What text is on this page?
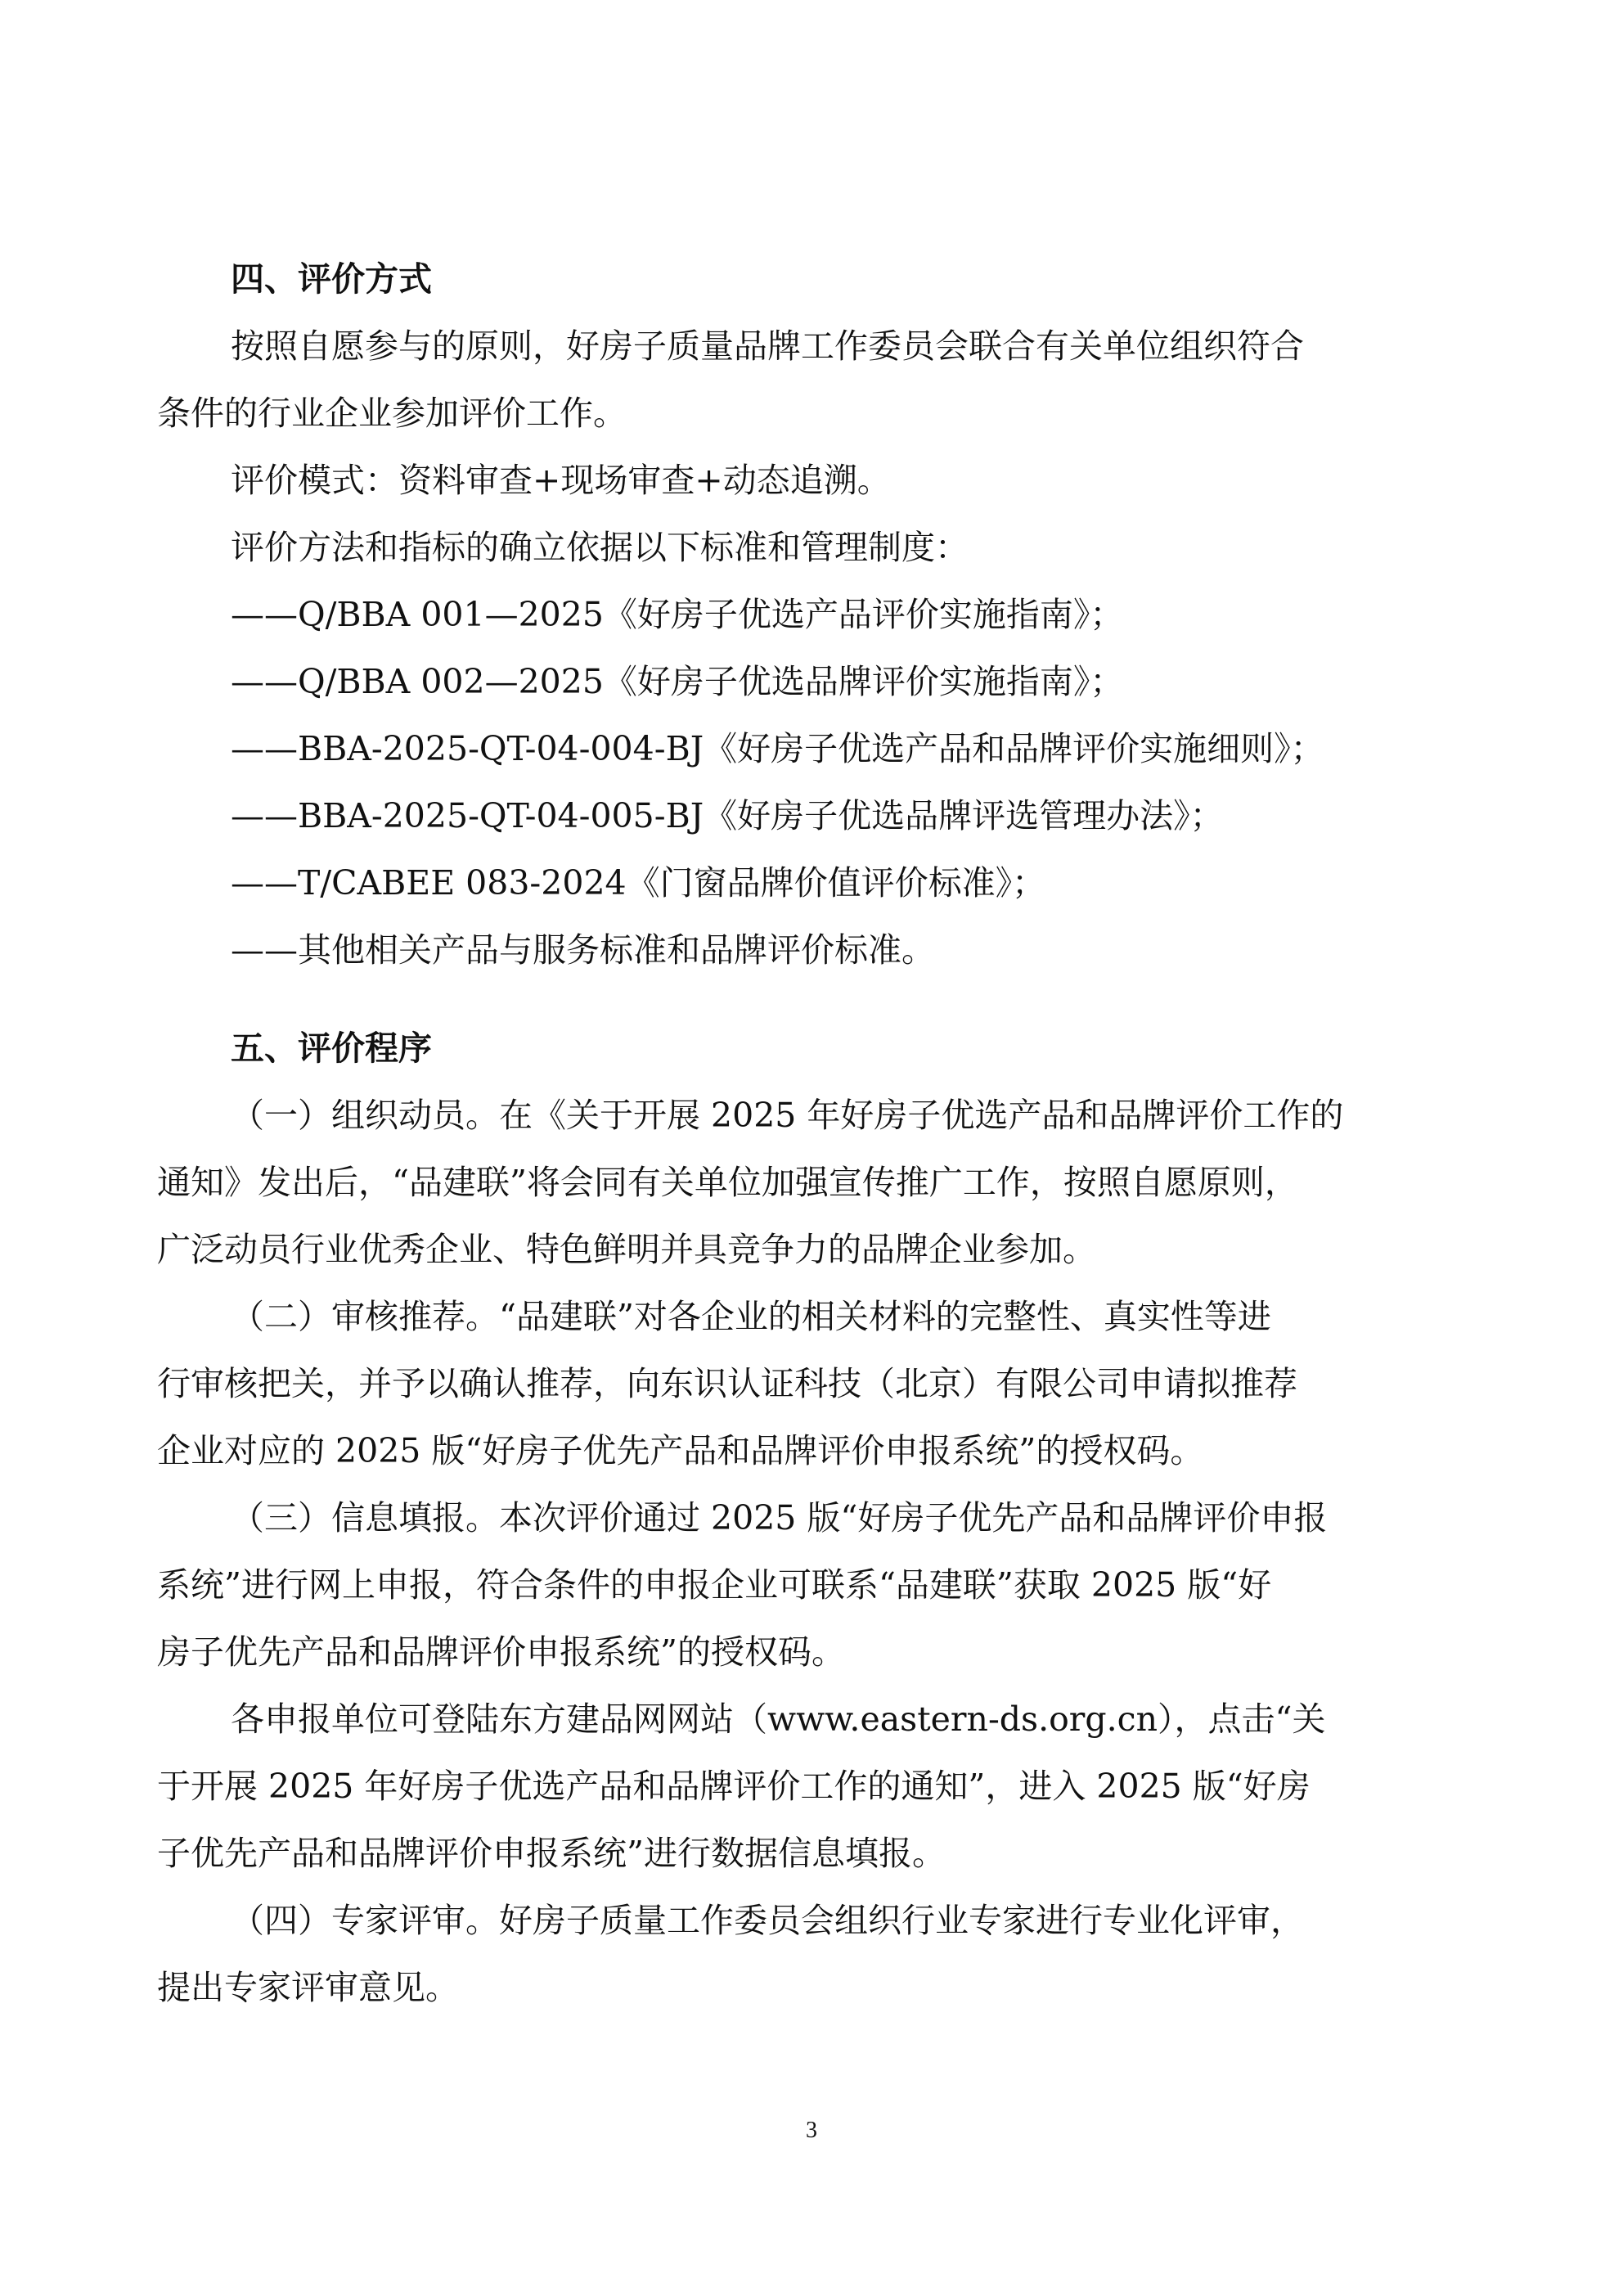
四、评价方式

按照自愿参与的原则，好房子质量品牌工作委员会联合有关单位组织符合

条件的行业企业参加评价工作。

评价模式：资料审查+现场审查+动态追溯。

评价方法和指标的确立依据以下标准和管理制度：

——Q/BBA 001—2025《好房子优选产品评价实施指南》；

——Q/BBA 002—2025《好房子优选品牌评价实施指南》；

——BBA-2025-QT-04-004-BJ《好房子优选产品和品牌评价实施细则》；

——BBA-2025-QT-04-005-BJ《好房子优选品牌评选管理办法》；

——T/CABEE 083-2024《门窗品牌价值评价标准》；

——其他相关产品与服务标准和品牌评价标准。

五、评价程序

（一）组织动员。在《关于开展 2025 年好房子优选产品和品牌评价工作的

通知》发出后，“品建联”将会同有关单位加强宣传推广工作，按照自愿原则，

广泛动员行业优秀企业、特色鲜明并具竞争力的品牌企业参加。

（二）审核推荐。“品建联”对各企业的相关材料的完整性、真实性等进

行审核把关，并予以确认推荐，向东识认证科技（北京）有限公司申请拟推荐

企业对应的 2025 版“好房子优先产品和品牌评价申报系统”的授权码。

（三）信息填报。本次评价通过 2025 版“好房子优先产品和品牌评价申报

系统”进行网上申报，符合条件的申报企业可联系“品建联”获取 2025 版“好

房子优先产品和品牌评价申报系统”的授权码。

各申报单位可登陆东方建品网网站（www.eastern-ds.org.cn），点击“关

于开展 2025 年好房子优选产品和品牌评价工作的通知”，进入 2025 版“好房

子优先产品和品牌评价申报系统”进行数据信息填报。

（四）专家评审。好房子质量工作委员会组织行业专家进行专业化评审，

提出专家评审意见。

3
